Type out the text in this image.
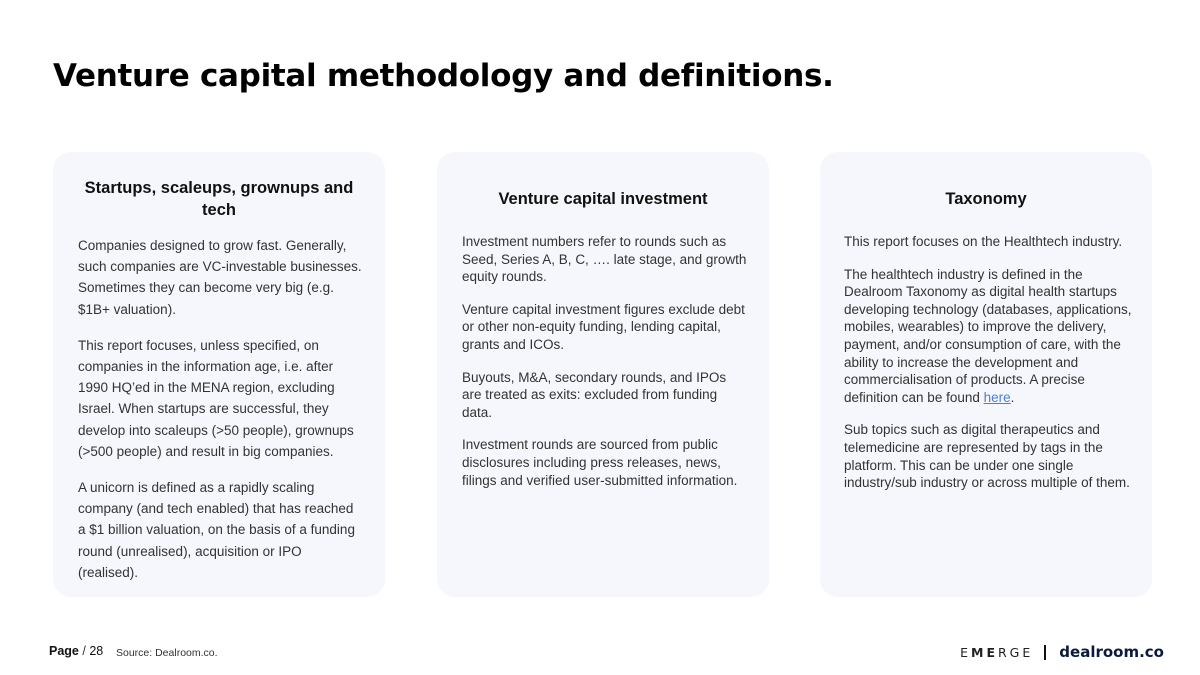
Venture capital methodology and definitions.
Startups, scaleups, grownups and tech

Companies designed to grow fast. Generally, such companies are VC-investable businesses. Sometimes they can become very big (e.g. $1B+ valuation).

This report focuses, unless specified, on companies in the information age, i.e. after 1990 HQ’ed in the MENA region, excluding Israel. When startups are successful, they develop into scaleups (>50 people), grownups (>500 people) and result in big companies.

A unicorn is defined as a rapidly scaling company (and tech enabled) that has reached a $1 billion valuation, on the basis of a funding round (unrealised), acquisition or IPO (realised).

Venture capital investment

Investment numbers refer to rounds such as Seed, Series A, B, C, …. late stage, and growth equity rounds.

Venture capital investment figures exclude debt or other non-equity funding, lending capital, grants and ICOs.

Buyouts, M&A, secondary rounds, and IPOs are treated as exits: excluded from funding data.

Investment rounds are sourced from public disclosures including press releases, news, filings and verified user-submitted information.

Taxonomy

This report focuses on the Healthtech industry.

The healthtech industry is defined in the Dealroom Taxonomy as digital health startups developing technology (databases, applications, mobiles, wearables) to improve the delivery, payment, and/or consumption of care, with the ability to increase the development and commercialisation of products. A precise definition can be found here.

Sub topics such as digital therapeutics and telemedicine are represented by tags in the platform. This can be under one single industry/sub industry or across multiple of them.

Page / 28 Source: Dealroom.co.	EMERGE dealroom.co
